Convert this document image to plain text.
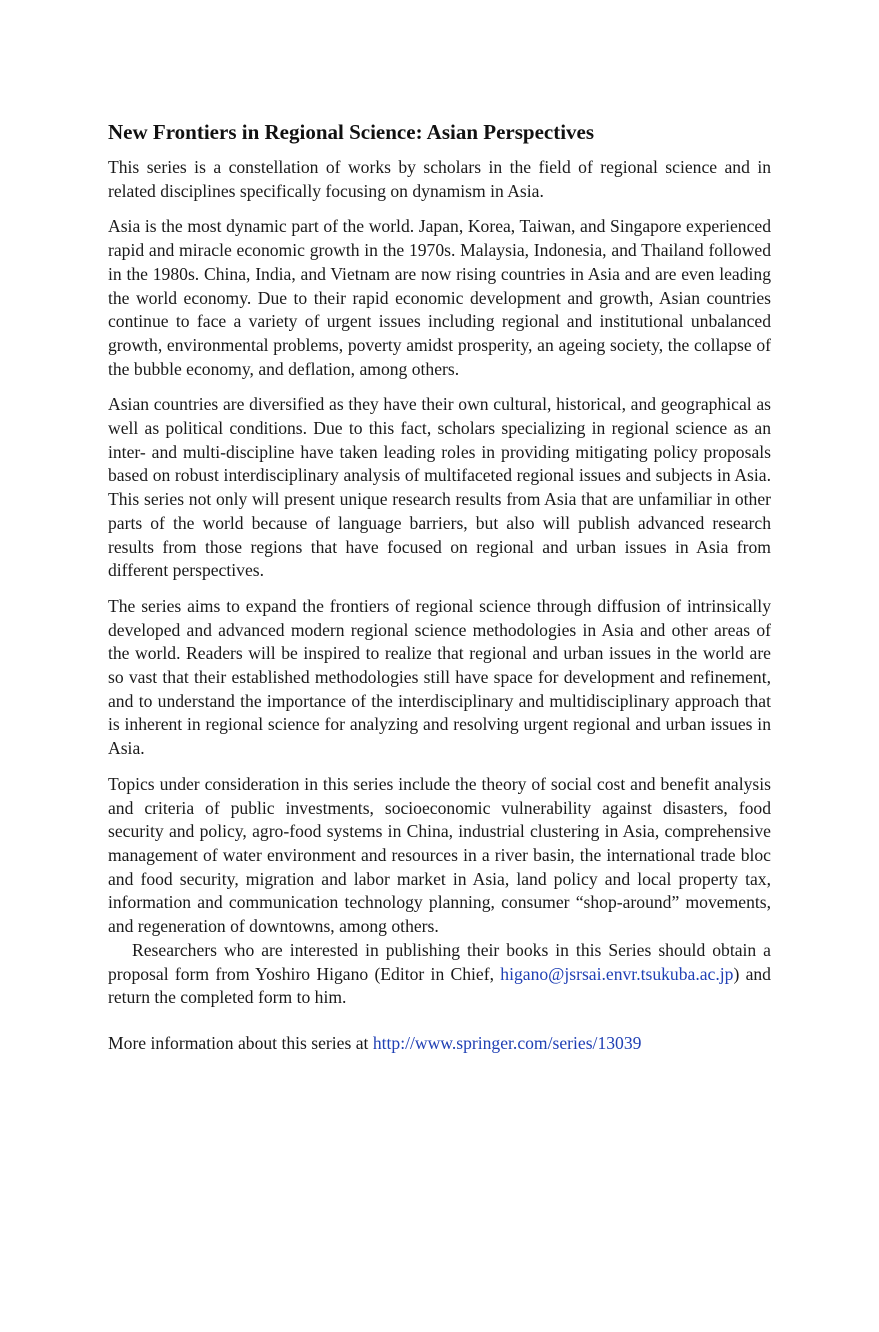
New Frontiers in Regional Science: Asian Perspectives

This series is a constellation of works by scholars in the field of regional science and in related disciplines specifically focusing on dynamism in Asia.

Asia is the most dynamic part of the world. Japan, Korea, Taiwan, and Singapore experienced rapid and miracle economic growth in the 1970s. Malaysia, Indonesia, and Thailand followed in the 1980s. China, India, and Vietnam are now rising countries in Asia and are even leading the world economy. Due to their rapid economic development and growth, Asian countries continue to face a variety of urgent issues including regional and institutional unbalanced growth, environmental problems, poverty amidst prosperity, an ageing society, the collapse of the bubble economy, and deflation, among others.

Asian countries are diversified as they have their own cultural, historical, and geographical as well as political conditions. Due to this fact, scholars specializing in regional science as an inter- and multi-discipline have taken leading roles in providing mitigating policy proposals based on robust interdisciplinary analysis of multifaceted regional issues and subjects in Asia. This series not only will present unique research results from Asia that are unfamiliar in other parts of the world because of language barriers, but also will publish advanced research results from those regions that have focused on regional and urban issues in Asia from different perspectives.

The series aims to expand the frontiers of regional science through diffusion of intrinsically developed and advanced modern regional science methodologies in Asia and other areas of the world. Readers will be inspired to realize that regional and urban issues in the world are so vast that their established methodologies still have space for development and refinement, and to understand the importance of the interdisciplinary and multidisciplinary approach that is inherent in regional science for analyzing and resolving urgent regional and urban issues in Asia.

Topics under consideration in this series include the theory of social cost and benefit analysis and criteria of public investments, socioeconomic vulnerability against disasters, food security and policy, agro-food systems in China, industrial clustering in Asia, comprehensive management of water environment and resources in a river basin, the international trade bloc and food security, migration and labor market in Asia, land policy and local property tax, information and communication technology planning, consumer “shop-around” movements, and regeneration of downtowns, among others.

Researchers who are interested in publishing their books in this Series should obtain a proposal form from Yoshiro Higano (Editor in Chief, higano@jsrsai.envr.tsukuba.ac.jp) and return the completed form to him.

More information about this series at http://www.springer.com/series/13039
